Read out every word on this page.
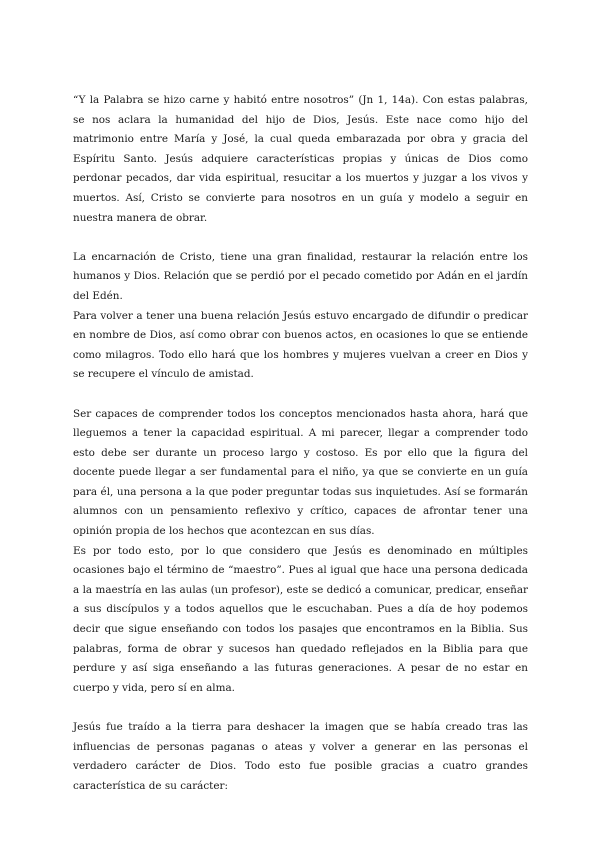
“Y la Palabra se hizo carne y habitó entre nosotros” (Jn 1, 14a). Con estas palabras, se nos aclara la humanidad del hijo de Dios, Jesús. Este nace como hijo del matrimonio entre María y José, la cual queda embarazada por obra y gracia del Espíritu Santo. Jesús adquiere características propias y únicas de Dios como perdonar pecados, dar vida espiritual, resucitar a los muertos y juzgar a los vivos y muertos. Así, Cristo se convierte para nosotros en un guía y modelo a seguir en nuestra manera de obrar.

La encarnación de Cristo, tiene una gran finalidad, restaurar la relación entre los humanos y Dios. Relación que se perdió por el pecado cometido por Adán en el jardín del Edén.

Para volver a tener una buena relación Jesús estuvo encargado de difundir o predicar en nombre de Dios, así como obrar con buenos actos, en ocasiones lo que se entiende como milagros. Todo ello hará que los hombres y mujeres vuelvan a creer en Dios y se recupere el vínculo de amistad.

Ser capaces de comprender todos los conceptos mencionados hasta ahora, hará que lleguemos a tener la capacidad espiritual. A mi parecer, llegar a comprender todo esto debe ser durante un proceso largo y costoso. Es por ello que la figura del docente puede llegar a ser fundamental para el niño, ya que se convierte en un guía para él, una persona a la que poder preguntar todas sus inquietudes. Así se formarán alumnos con un pensamiento reflexivo y crítico, capaces de afrontar tener una opinión propia de los hechos que acontezcan en sus días.

Es por todo esto, por lo que considero que Jesús es denominado en múltiples ocasiones bajo el término de “maestro”. Pues al igual que hace una persona dedicada a la maestría en las aulas (un profesor), este se dedicó a comunicar, predicar, enseñar a sus discípulos y a todos aquellos que le escuchaban. Pues a día de hoy podemos decir que sigue enseñando con todos los pasajes que encontramos en la Biblia. Sus palabras, forma de obrar y sucesos han quedado reflejados en la Biblia para que perdure y así siga enseñando a las futuras generaciones. A pesar de no estar en cuerpo y vida, pero sí en alma.

Jesús fue traído a la tierra para deshacer la imagen que se había creado tras las influencias de personas paganas o ateas y volver a generar en las personas el verdadero carácter de Dios. Todo esto fue posible gracias a cuatro grandes característica de su carácter:
